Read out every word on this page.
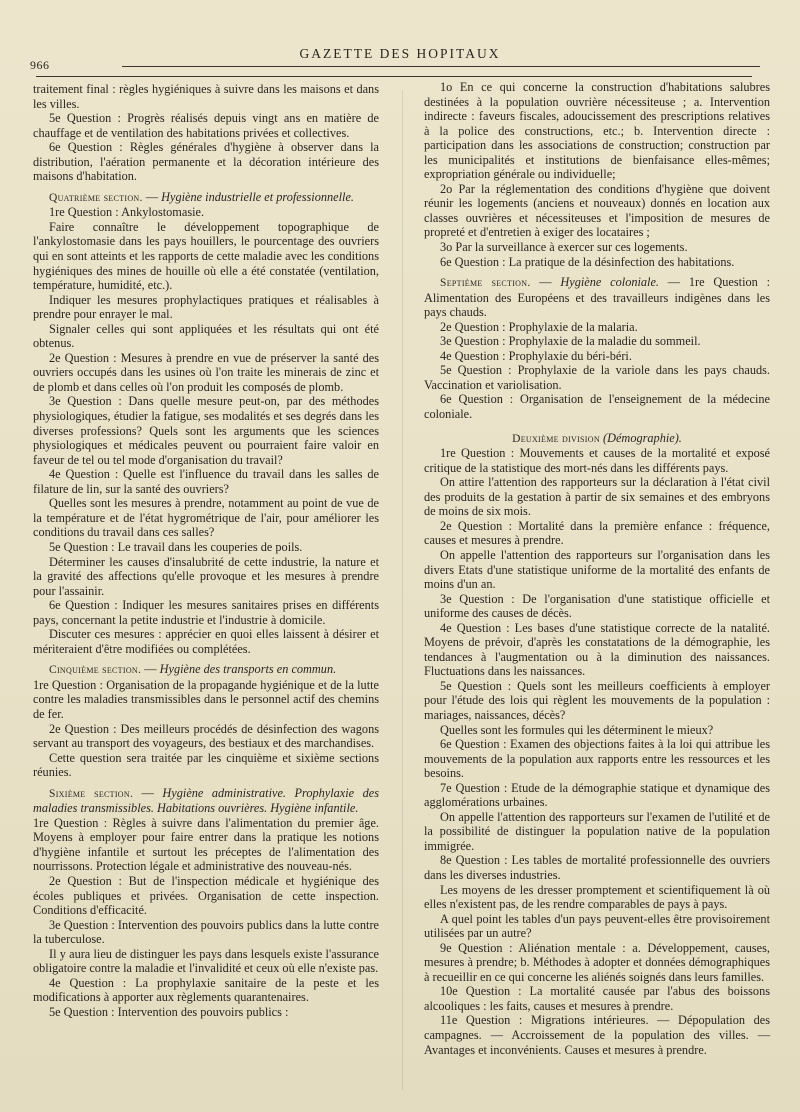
966
GAZETTE DES HOPITAUX

traitement final : règles hygiéniques à suivre dans les maisons et dans les villes.

5e Question : Progrès réalisés depuis vingt ans en matière de chauffage et de ventilation des habitations privées et collectives.

6e Question : Règles générales d'hygiène à observer dans la distribution, l'aération permanente et la décoration intérieure des maisons d'habitation.

Quatrième section. — Hygiène industrielle et professionnelle.

1re Question : Ankylostomasie.

Faire connaître le développement topographique de l'ankylostomasie dans les pays houillers, le pourcentage des ouvriers qui en sont atteints et les rapports de cette maladie avec les conditions hygiéniques des mines de houille où elle a été constatée (ventilation, température, humidité, etc.).

Indiquer les mesures prophylactiques pratiques et réalisables à prendre pour enrayer le mal.

Signaler celles qui sont appliquées et les résultats qui ont été obtenus.

2e Question : Mesures à prendre en vue de préserver la santé des ouvriers occupés dans les usines où l'on traite les minerais de zinc et de plomb et dans celles où l'on produit les composés de plomb.

3e Question : Dans quelle mesure peut-on, par des méthodes physiologiques, étudier la fatigue, ses modalités et ses degrés dans les diverses professions? Quels sont les arguments que les sciences physiologiques et médicales peuvent ou pourraient faire valoir en faveur de tel ou tel mode d'organisation du travail?

4e Question : Quelle est l'influence du travail dans les salles de filature de lin, sur la santé des ouvriers?

Quelles sont les mesures à prendre, notamment au point de vue de la température et de l'état hygrométrique de l'air, pour améliorer les conditions du travail dans ces salles?

5e Question : Le travail dans les couperies de poils.

Déterminer les causes d'insalubrité de cette industrie, la nature et la gravité des affections qu'elle provoque et les mesures à prendre pour l'assainir.

6e Question : Indiquer les mesures sanitaires prises en différents pays, concernant la petite industrie et l'industrie à domicile.

Discuter ces mesures : apprécier en quoi elles laissent à désirer et mériteraient d'être modifiées ou complétées.

Cinquième section. — Hygiène des transports en commun.

1re Question : Organisation de la propagande hygiénique et de la lutte contre les maladies transmissibles dans le personnel actif des chemins de fer.

2e Question : Des meilleurs procédés de désinfection des wagons servant au transport des voyageurs, des bestiaux et des marchandises.

Cette question sera traitée par les cinquième et sixième sections réunies.

Sixième section. — Hygiène administrative. Prophylaxie des maladies transmissibles. Habitations ouvrières. Hygiène infantile.

1re Question : Règles à suivre dans l'alimentation du premier âge. Moyens à employer pour faire entrer dans la pratique les notions d'hygiène infantile et surtout les préceptes de l'alimentation des nourrissons. Protection légale et administrative des nouveau-nés.

2e Question : But de l'inspection médicale et hygiénique des écoles publiques et privées. Organisation de cette inspection. Conditions d'efficacité.

3e Question : Intervention des pouvoirs publics dans la lutte contre la tuberculose.

Il y aura lieu de distinguer les pays dans lesquels existe l'assurance obligatoire contre la maladie et l'invalidité et ceux où elle n'existe pas.

4e Question : La prophylaxie sanitaire de la peste et les modifications à apporter aux règlements quarantenaires.

5e Question : Intervention des pouvoirs publics :

1o En ce qui concerne la construction d'habitations salubres destinées à la population ouvrière nécessiteuse ; a. Intervention indirecte : faveurs fiscales, adoucissement des prescriptions relatives à la police des constructions, etc.; b. Intervention directe : participation dans les associations de construction; construction par les municipalités et institutions de bienfaisance elles-mêmes; expropriation générale ou individuelle;

2o Par la réglementation des conditions d'hygiène que doivent réunir les logements (anciens et nouveaux) donnés en location aux classes ouvrières et nécessiteuses et l'imposition de mesures de propreté et d'entretien à exiger des locataires ;

3o Par la surveillance à exercer sur ces logements.

6e Question : La pratique de la désinfection des habitations.

Septième section. — Hygiène coloniale. — 1re Question : Alimentation des Européens et des travailleurs indigènes dans les pays chauds.

2e Question : Prophylaxie de la malaria.

3e Question : Prophylaxie de la maladie du sommeil.

4e Question : Prophylaxie du béri-béri.

5e Question : Prophylaxie de la variole dans les pays chauds. Vaccination et variolisation.

6e Question : Organisation de l'enseignement de la médecine coloniale.

Deuxième division (Démographie).

1re Question : Mouvements et causes de la mortalité et exposé critique de la statistique des mort-nés dans les différents pays.

On attire l'attention des rapporteurs sur la déclaration à l'état civil des produits de la gestation à partir de six semaines et des embryons de moins de six mois.

2e Question : Mortalité dans la première enfance : fréquence, causes et mesures à prendre.

On appelle l'attention des rapporteurs sur l'organisation dans les divers Etats d'une statistique uniforme de la mortalité des enfants de moins d'un an.

3e Question : De l'organisation d'une statistique officielle et uniforme des causes de décès.

4e Question : Les bases d'une statistique correcte de la natalité. Moyens de prévoir, d'après les constatations de la démographie, les tendances à l'augmentation ou à la diminution des naissances. Fluctuations dans les naissances.

5e Question : Quels sont les meilleurs coefficients à employer pour l'étude des lois qui règlent les mouvements de la population : mariages, naissances, décès?

Quelles sont les formules qui les déterminent le mieux?

6e Question : Examen des objections faites à la loi qui attribue les mouvements de la population aux rapports entre les ressources et les besoins.

7e Question : Etude de la démographie statique et dynamique des agglomérations urbaines.

On appelle l'attention des rapporteurs sur l'examen de l'utilité et de la possibilité de distinguer la population native de la population immigrée.

8e Question : Les tables de mortalité professionnelle des ouvriers dans les diverses industries.

Les moyens de les dresser promptement et scientifiquement là où elles n'existent pas, de les rendre comparables de pays à pays.

A quel point les tables d'un pays peuvent-elles être provisoirement utilisées par un autre?

9e Question : Aliénation mentale : a. Développement, causes, mesures à prendre; b. Méthodes à adopter et données démographiques à recueillir en ce qui concerne les aliénés soignés dans leurs familles.

10e Question : La mortalité causée par l'abus des boissons alcooliques : les faits, causes et mesures à prendre.

11e Question : Migrations intérieures. — Dépopulation des campagnes. — Accroissement de la population des villes. — Avantages et inconvénients. Causes et mesures à prendre.
